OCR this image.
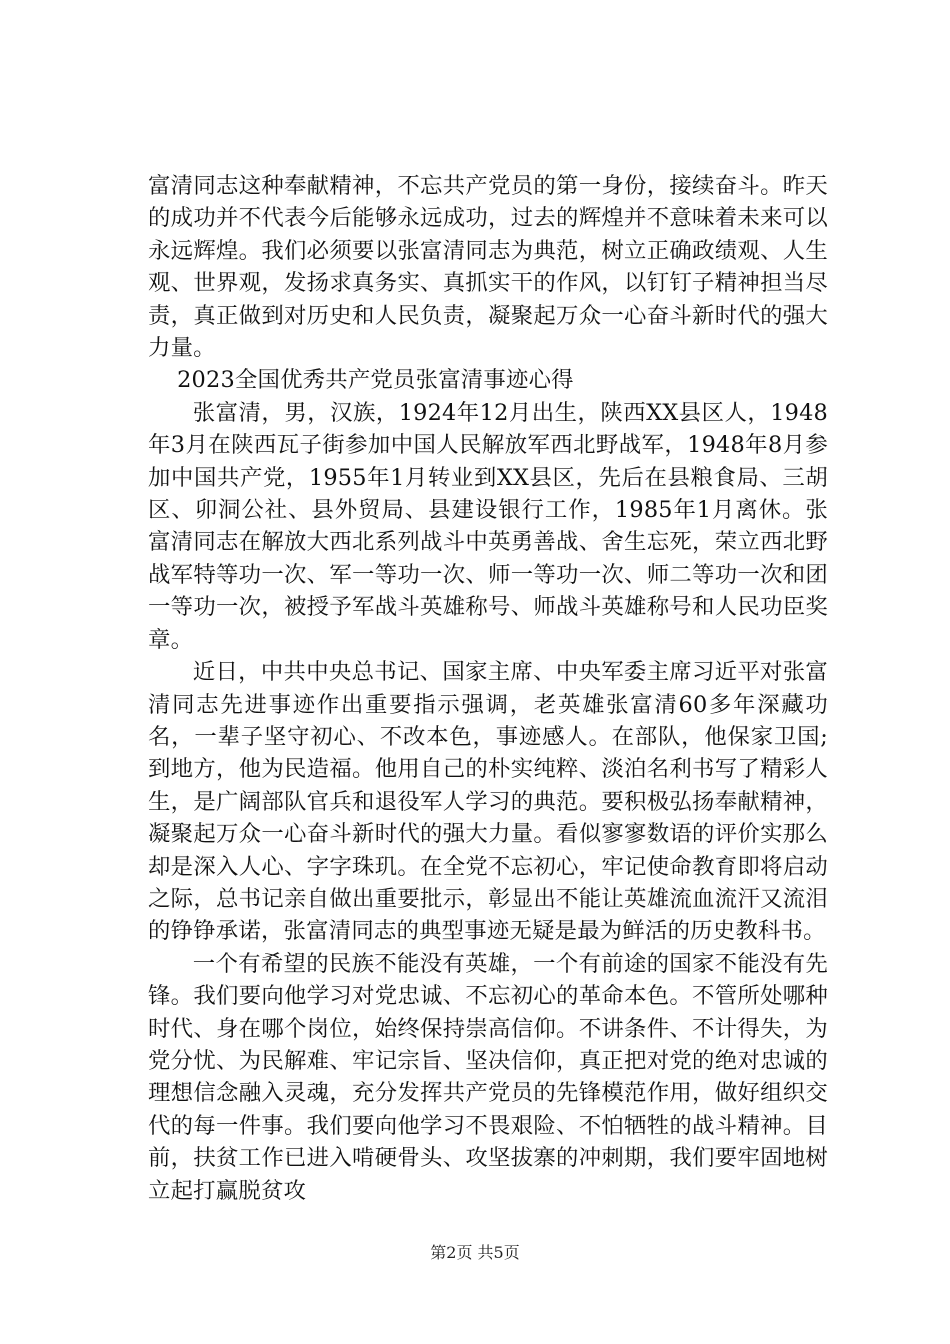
富清同志这种奉献精神，不忘共产党员的第一身份，接续奋斗。昨天的成功并不代表今后能够永远成功，过去的辉煌并不意味着未来可以永远辉煌。我们必须要以张富清同志为典范，树立正确政绩观、人生观、世界观，发扬求真务实、真抓实干的作风，以钉钉子精神担当尽责，真正做到对历史和人民负责，凝聚起万众一心奋斗新时代的强大力量。

2023全国优秀共产党员张富清事迹心得

张富清，男，汉族，1924年12月出生，陕西XX县区人，1948年3月在陕西瓦子街参加中国人民解放军西北野战军，1948年8月参加中国共产党，1955年1月转业到XX县区，先后在县粮食局、三胡区、卯洞公社、县外贸局、县建设银行工作，1985年1月离休。张富清同志在解放大西北系列战斗中英勇善战、舍生忘死，荣立西北野战军特等功一次、军一等功一次、师一等功一次、师二等功一次和团一等功一次，被授予军战斗英雄称号、师战斗英雄称号和人民功臣奖章。

近日，中共中央总书记、国家主席、中央军委主席习近平对张富清同志先进事迹作出重要指示强调，老英雄张富清60多年深藏功名，一辈子坚守初心、不改本色，事迹感人。在部队，他保家卫国;到地方，他为民造福。他用自己的朴实纯粹、淡泊名利书写了精彩人生，是广阔部队官兵和退役军人学习的典范。要积极弘扬奉献精神，凝聚起万众一心奋斗新时代的强大力量。看似寥寥数语的评价实那么却是深入人心、字字珠玑。在全党不忘初心，牢记使命教育即将启动之际，总书记亲自做出重要批示，彰显出不能让英雄流血流汗又流泪的铮铮承诺，张富清同志的典型事迹无疑是最为鲜活的历史教科书。

一个有希望的民族不能没有英雄，一个有前途的国家不能没有先锋。我们要向他学习对党忠诚、不忘初心的革命本色。不管所处哪种时代、身在哪个岗位，始终保持崇高信仰。不讲条件、不计得失，为党分忧、为民解难、牢记宗旨、坚决信仰，真正把对党的绝对忠诚的理想信念融入灵魂，充分发挥共产党员的先锋模范作用，做好组织交代的每一件事。我们要向他学习不畏艰险、不怕牺牲的战斗精神。目前，扶贫工作已进入啃硬骨头、攻坚拔寨的冲刺期，我们要牢固地树立起打赢脱贫攻

第2页 共5页
